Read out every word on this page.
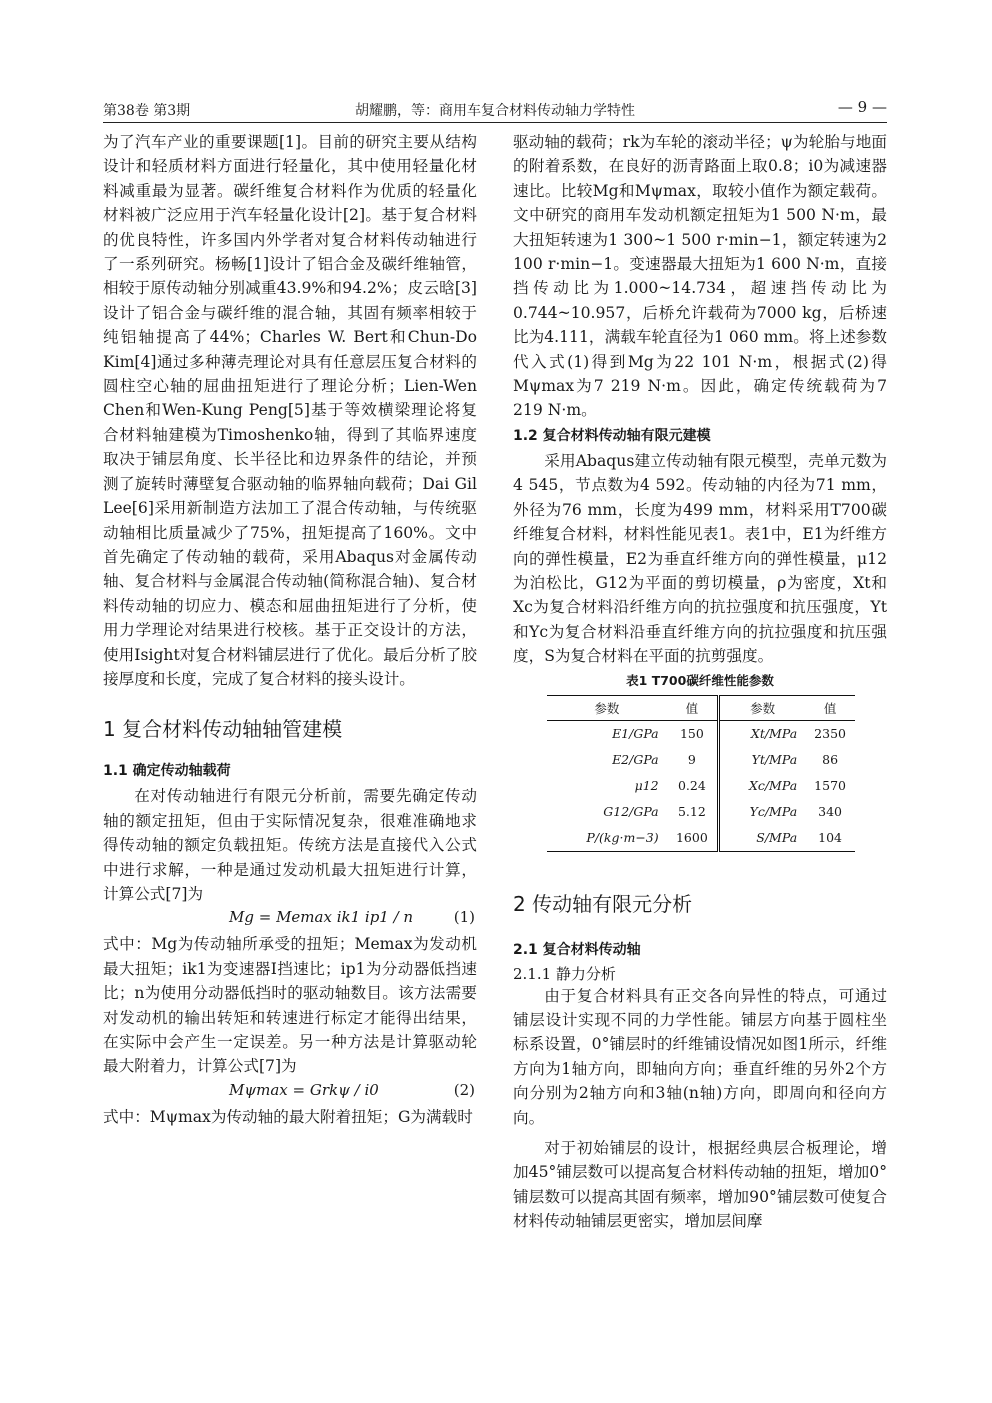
第38卷 第3期	胡耀鹏，等：商用车复合材料传动轴力学特性	— 9 —

为了汽车产业的重要课题[1]。目前的研究主要从结构设计和轻质材料方面进行轻量化，其中使用轻量化材料减重最为显著。碳纤维复合材料作为优质的轻量化材料被广泛应用于汽车轻量化设计[2]。基于复合材料的优良特性，许多国内外学者对复合材料传动轴进行了一系列研究。杨畅[1]设计了铝合金及碳纤维轴管，相较于原传动轴分别减重43.9%和94.2%；皮云晗[3]设计了铝合金与碳纤维的混合轴，其固有频率相较于纯铝轴提高了44%；Charles W. Bert和Chun-Do Kim[4]通过多种薄壳理论对具有任意层压复合材料的圆柱空心轴的屈曲扭矩进行了理论分析；Lien-Wen Chen和Wen-Kung Peng[5]基于等效横梁理论将复合材料轴建模为Timoshenko轴，得到了其临界速度取决于铺层角度、长半径比和边界条件的结论，并预测了旋转时薄壁复合驱动轴的临界轴向载荷；Dai Gil Lee[6]采用新制造方法加工了混合传动轴，与传统驱动轴相比质量减少了75%，扭矩提高了160%。文中首先确定了传动轴的载荷，采用Abaqus对金属传动轴、复合材料与金属混合传动轴(简称混合轴)、复合材料传动轴的切应力、模态和屈曲扭矩进行了分析，使用力学理论对结果进行校核。基于正交设计的方法，使用Isight对复合材料铺层进行了优化。最后分析了胶接厚度和长度，完成了复合材料的接头设计。

1 复合材料传动轴轴管建模
1.1 确定传动轴载荷

在对传动轴进行有限元分析前，需要先确定传动轴的额定扭矩，但由于实际情况复杂，很难准确地求得传动轴的额定负载扭矩。传统方法是直接代入公式中进行求解，一种是通过发动机最大扭矩进行计算，计算公式[7]为

Mg = Memax ik1 ip1 / n	(1)

式中：Mg为传动轴所承受的扭矩；Memax为发动机最大扭矩；ik1为变速器Ⅰ挡速比；ip1为分动器低挡速比；n为使用分动器低挡时的驱动轴数目。该方法需要对发动机的输出转矩和转速进行标定才能得出结果，在实际中会产生一定误差。另一种方法是计算驱动轮最大附着力，计算公式[7]为

Mψmax = Grkψ / i0	(2)

式中：Mψmax为传动轴的最大附着扭矩；G为满载时

驱动轴的载荷；rk为车轮的滚动半径；ψ为轮胎与地面的附着系数，在良好的沥青路面上取0.8；i0为减速器速比。比较Mg和Mψmax，取较小值作为额定载荷。文中研究的商用车发动机额定扭矩为1 500 N·m，最大扭矩转速为1 300~1 500 r·min−1，额定转速为2 100 r·min−1。变速器最大扭矩为1 600 N·m，直接挡传动比为1.000~14.734，超速挡传动比为0.744~10.957，后桥允许载荷为7000 kg，后桥速比为4.111，满载车轮直径为1 060 mm。将上述参数代入式(1)得到Mg为22 101 N·m，根据式(2)得Mψmax为7 219 N·m。因此，确定传统载荷为7 219 N·m。

1.2 复合材料传动轴有限元建模

采用Abaqus建立传动轴有限元模型，壳单元数为4 545，节点数为4 592。传动轴的内径为71 mm，外径为76 mm，长度为499 mm，材料采用T700碳纤维复合材料，材料性能见表1。表1中，E1为纤维方向的弹性模量，E2为垂直纤维方向的弹性模量，μ12为泊松比，G12为平面的剪切模量，ρ为密度，Xt和Xc为复合材料沿纤维方向的抗拉强度和抗压强度，Yt和Yc为复合材料沿垂直纤维方向的抗拉强度和抗压强度，S为复合材料在平面的抗剪强度。

表1 T700碳纤维性能参数
参数	值	参数	值
E1/GPa	150	Xt/MPa	2350
E2/GPa	9	Yt/MPa	86
μ12	0.24	Xc/MPa	1570
G12/GPa	5.12	Yc/MPa	340
P/(kg·m−3)	1600	S/MPa	104
2 传动轴有限元分析
2.1 复合材料传动轴
2.1.1 静力分析

由于复合材料具有正交各向异性的特点，可通过铺层设计实现不同的力学性能。铺层方向基于圆柱坐标系设置，0°铺层时的纤维铺设情况如图1所示，纤维方向为1轴方向，即轴向方向；垂直纤维的另外2个方向分别为2轴方向和3轴(n轴)方向，即周向和径向方向。

对于初始铺层的设计，根据经典层合板理论，增加45°铺层数可以提高复合材料传动轴的扭矩，增加0°铺层数可以提高其固有频率，增加90°铺层数可使复合材料传动轴铺层更密实，增加层间摩
